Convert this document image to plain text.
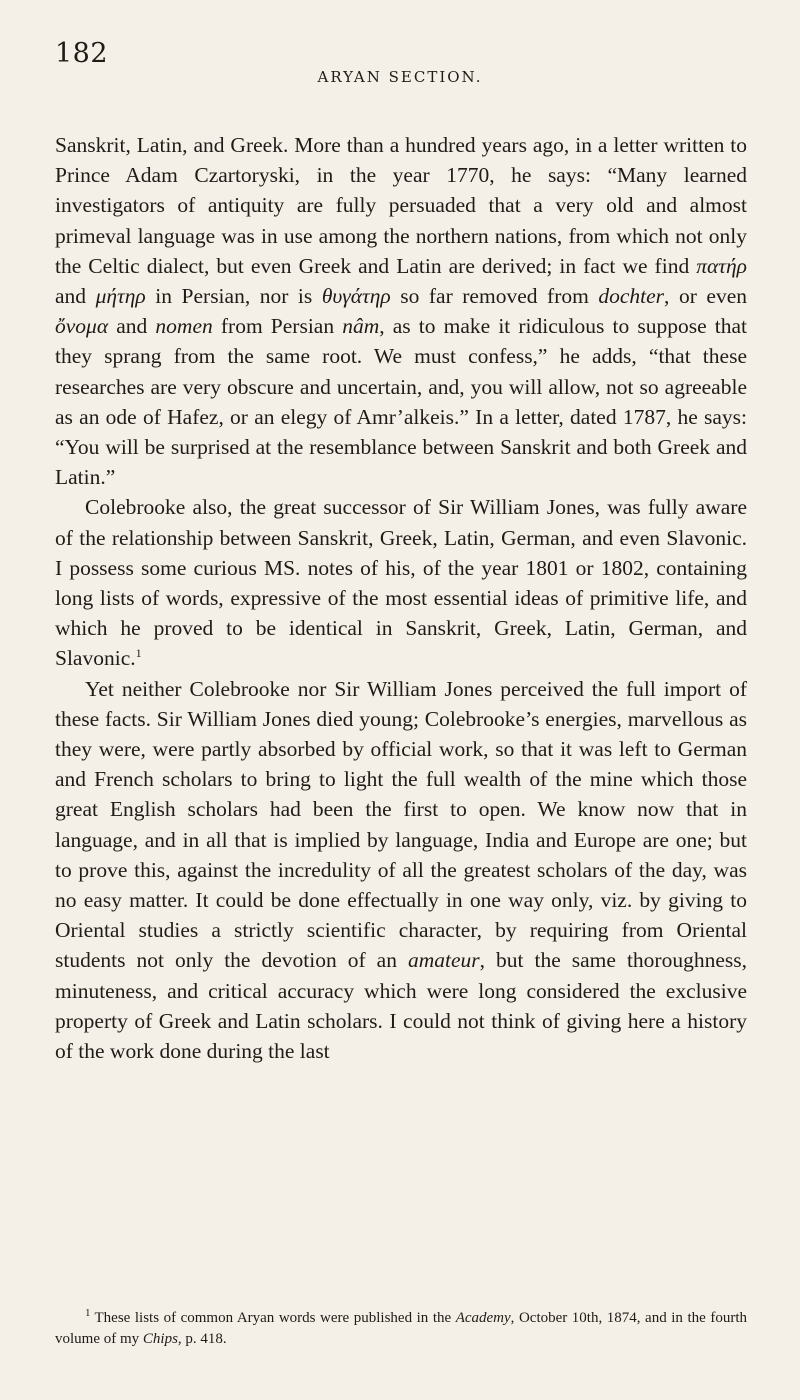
182
ARYAN SECTION.

Sanskrit, Latin, and Greek. More than a hundred years ago, in a letter written to Prince Adam Czartoryski, in the year 1770, he says: “Many learned investigators of antiquity are fully persuaded that a very old and almost primeval language was in use among the northern nations, from which not only the Celtic dialect, but even Greek and Latin are derived; in fact we find πατήρ and μήτηρ in Persian, nor is θυγάτηρ so far removed from dochter, or even ὄνομα and nomen from Persian nâm, as to make it ridiculous to suppose that they sprang from the same root. We must confess,” he adds, “that these researches are very obscure and uncertain, and, you will allow, not so agreeable as an ode of Hafez, or an elegy of Amr’alkeis.” In a letter, dated 1787, he says: “You will be surprised at the resemblance between Sanskrit and both Greek and Latin.”

Colebrooke also, the great successor of Sir William Jones, was fully aware of the relationship between Sanskrit, Greek, Latin, German, and even Slavonic. I possess some curious MS. notes of his, of the year 1801 or 1802, containing long lists of words, expressive of the most essential ideas of primitive life, and which he proved to be identical in Sanskrit, Greek, Latin, German, and Slavonic.$^1$

Yet neither Colebrooke nor Sir William Jones perceived the full import of these facts. Sir William Jones died young; Colebrooke’s energies, marvellous as they were, were partly absorbed by official work, so that it was left to German and French scholars to bring to light the full wealth of the mine which those great English scholars had been the first to open. We know now that in language, and in all that is implied by language, India and Europe are one; but to prove this, against the incredulity of all the greatest scholars of the day, was no easy matter. It could be done effectually in one way only, viz. by giving to Oriental studies a strictly scientific character, by requiring from Oriental students not only the devotion of an amateur, but the same thoroughness, minuteness, and critical accuracy which were long considered the exclusive property of Greek and Latin scholars. I could not think of giving here a history of the work done during the last

$^1$ These lists of common Aryan words were published in the Academy, October 10th, 1874, and in the fourth volume of my Chips, p. 418.
